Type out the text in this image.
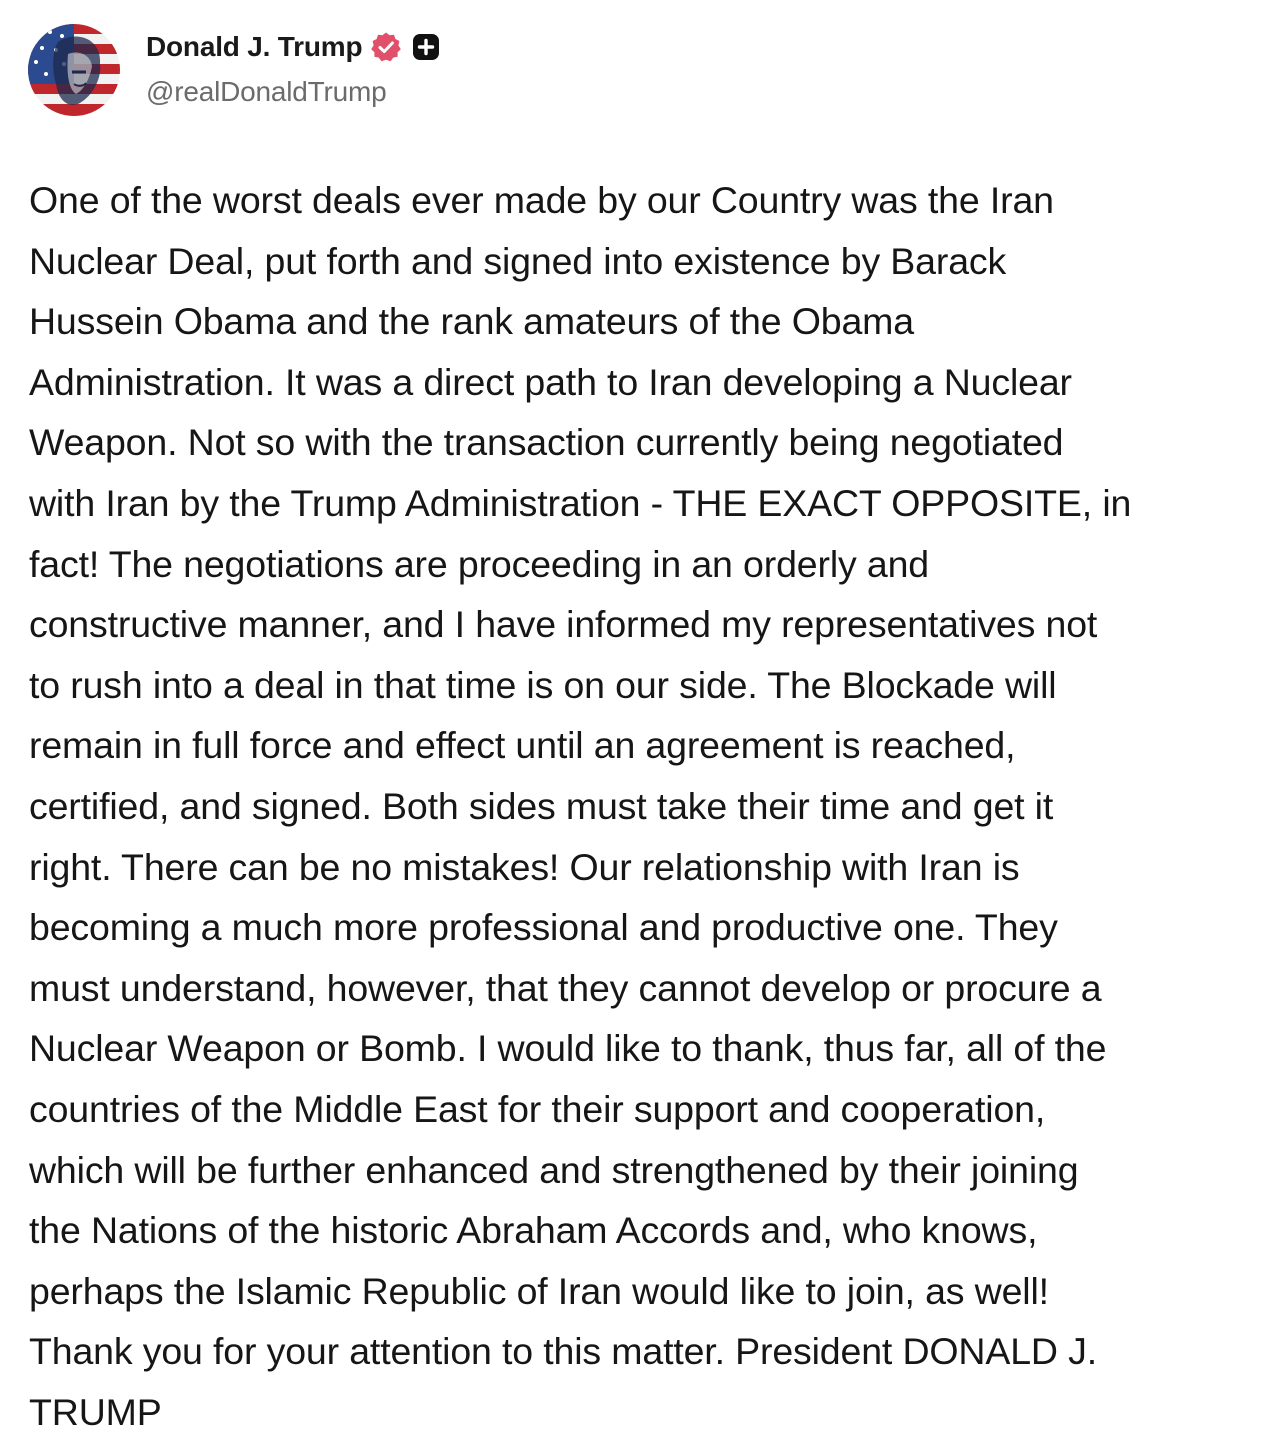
Donald J. Trump
@realDonaldTrump
One of the worst deals ever made by our Country was the Iran
Nuclear Deal, put forth and signed into existence by Barack
Hussein Obama and the rank amateurs of the Obama
Administration. It was a direct path to Iran developing a Nuclear
Weapon. Not so with the transaction currently being negotiated
with Iran by the Trump Administration - THE EXACT OPPOSITE, in
fact! The negotiations are proceeding in an orderly and
constructive manner, and I have informed my representatives not
to rush into a deal in that time is on our side. The Blockade will
remain in full force and effect until an agreement is reached,
certified, and signed. Both sides must take their time and get it
right. There can be no mistakes! Our relationship with Iran is
becoming a much more professional and productive one. They
must understand, however, that they cannot develop or procure a
Nuclear Weapon or Bomb. I would like to thank, thus far, all of the
countries of the Middle East for their support and cooperation,
which will be further enhanced and strengthened by their joining
the Nations of the historic Abraham Accords and, who knows,
perhaps the Islamic Republic of Iran would like to join, as well!
Thank you for your attention to this matter. President DONALD J.
TRUMP
